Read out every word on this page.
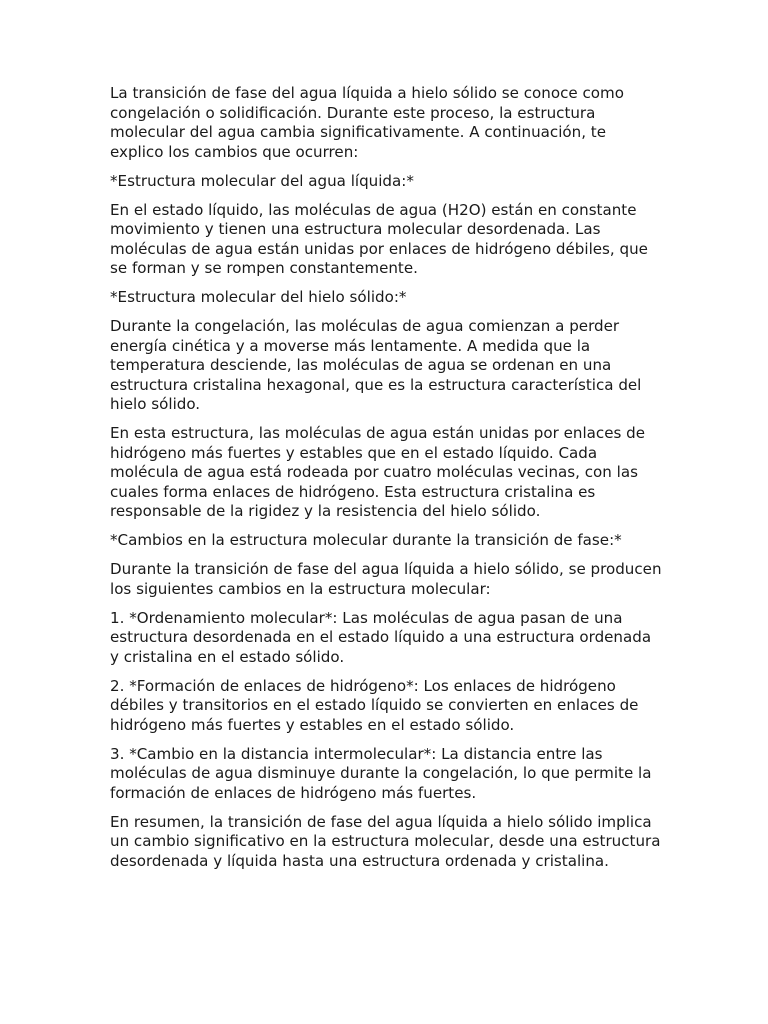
La transición de fase del agua líquida a hielo sólido se conoce como congelación o solidificación. Durante este proceso, la estructura molecular del agua cambia significativamente. A continuación, te explico los cambios que ocurren:

*Estructura molecular del agua líquida:*

En el estado líquido, las moléculas de agua (H2O) están en constante movimiento y tienen una estructura molecular desordenada. Las moléculas de agua están unidas por enlaces de hidrógeno débiles, que se forman y se rompen constantemente.

*Estructura molecular del hielo sólido:*

Durante la congelación, las moléculas de agua comienzan a perder energía cinética y a moverse más lentamente. A medida que la temperatura desciende, las moléculas de agua se ordenan en una estructura cristalina hexagonal, que es la estructura característica del hielo sólido.

En esta estructura, las moléculas de agua están unidas por enlaces de hidrógeno más fuertes y estables que en el estado líquido. Cada molécula de agua está rodeada por cuatro moléculas vecinas, con las cuales forma enlaces de hidrógeno. Esta estructura cristalina es responsable de la rigidez y la resistencia del hielo sólido.

*Cambios en la estructura molecular durante la transición de fase:*

Durante la transición de fase del agua líquida a hielo sólido, se producen los siguientes cambios en la estructura molecular:

1. *Ordenamiento molecular*: Las moléculas de agua pasan de una estructura desordenada en el estado líquido a una estructura ordenada y cristalina en el estado sólido.

2. *Formación de enlaces de hidrógeno*: Los enlaces de hidrógeno débiles y transitorios en el estado líquido se convierten en enlaces de hidrógeno más fuertes y estables en el estado sólido.

3. *Cambio en la distancia intermolecular*: La distancia entre las moléculas de agua disminuye durante la congelación, lo que permite la formación de enlaces de hidrógeno más fuertes.

En resumen, la transición de fase del agua líquida a hielo sólido implica un cambio significativo en la estructura molecular, desde una estructura desordenada y líquida hasta una estructura ordenada y cristalina.
